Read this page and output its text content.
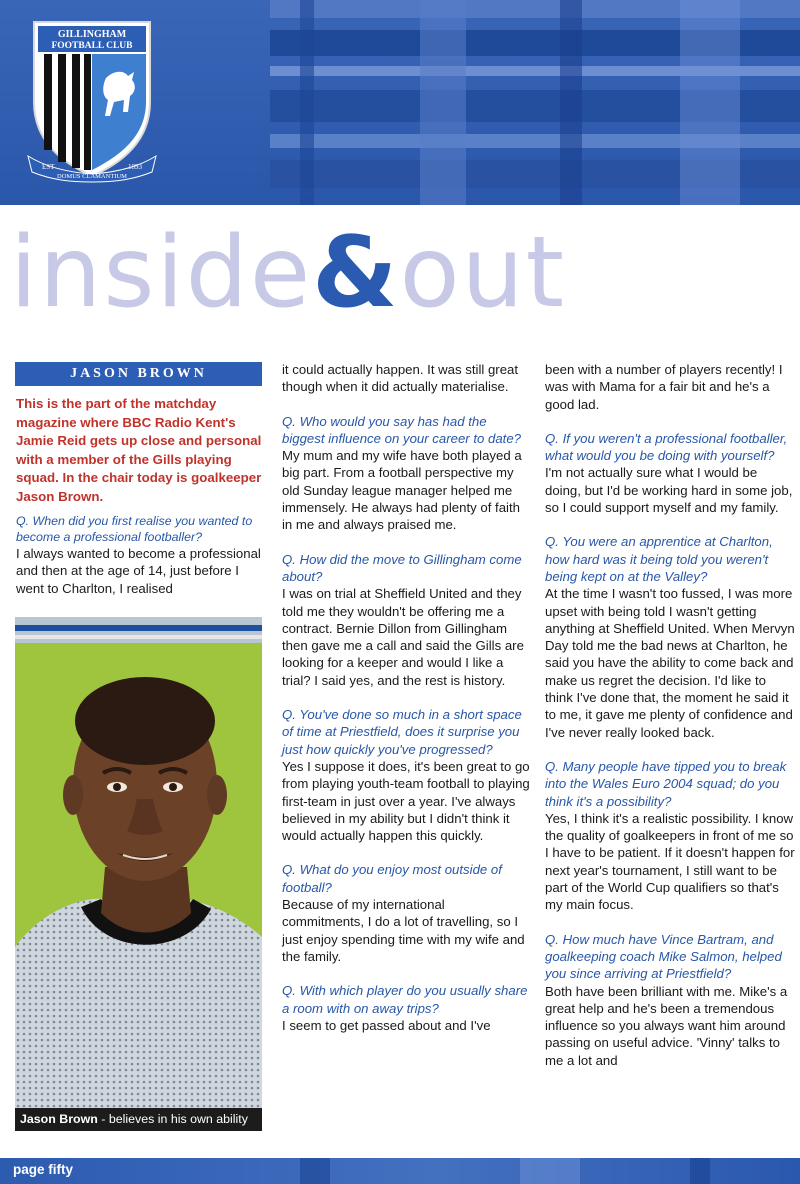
GILLINGHAM
FOOTBALL CLUB
EST	1893
DOMUS CLAMANTIUM
inside&out
JASON BROWN
This is the part of the matchday magazine where BBC Radio Kent's Jamie Reid gets up close and personal with a member of the Gills playing squad. In the chair today is goalkeeper Jason Brown.
Q. When did you first realise you wanted to become a professional footballer?
I always wanted to become a professional and then at the age of 14, just before I went to Charlton, I realised
Jason Brown - believes in his own ability
it could actually happen. It was still great though when it did actually materialise.
Q. Who would you say has had the biggest influence on your career to date?
My mum and my wife have both played a big part. From a football perspective my old Sunday league manager helped me immensely. He always had plenty of faith in me and always praised me.
Q. How did the move to Gillingham come about?
I was on trial at Sheffield United and they told me they wouldn't be offering me a contract. Bernie Dillon from Gillingham then gave me a call and said the Gills are looking for a keeper and would I like a trial? I said yes, and the rest is history.
Q. You've done so much in a short space of time at Priestfield, does it surprise you just how quickly you've progressed?
Yes I suppose it does, it's been great to go from playing youth-team football to playing first-team in just over a year. I've always believed in my ability but I didn't think it would actually happen this quickly.
Q. What do you enjoy most outside of football?
Because of my international commitments, I do a lot of travelling, so I just enjoy spending time with my wife and the family.
Q. With which player do you usually share a room with on away trips?
I seem to get passed about and I've
been with a number of players recently! I was with Mama for a fair bit and he's a good lad.
Q. If you weren't a professional footballer, what would you be doing with yourself?
I'm not actually sure what I would be doing, but I'd be working hard in some job, so I could support myself and my family.
Q. You were an apprentice at Charlton, how hard was it being told you weren't being kept on at the Valley?
At the time I wasn't too fussed, I was more upset with being told I wasn't getting anything at Sheffield United. When Mervyn Day told me the bad news at Charlton, he said you have the ability to come back and make us regret the decision. I'd like to think I've done that, the moment he said it to me, it gave me plenty of confidence and I've never really looked back.
Q. Many people have tipped you to break into the Wales Euro 2004 squad; do you think it's a possibility?
Yes, I think it's a realistic possibility. I know the quality of goalkeepers in front of me so I have to be patient. If it doesn't happen for next year's tournament, I still want to be part of the World Cup qualifiers so that's my main focus.
Q. How much have Vince Bartram, and goalkeeping coach Mike Salmon, helped you since arriving at Priestfield?
Both have been brilliant with me. Mike's a great help and he's been a tremendous influence so you always want him around passing on useful advice. 'Vinny' talks to me a lot and
page fifty
